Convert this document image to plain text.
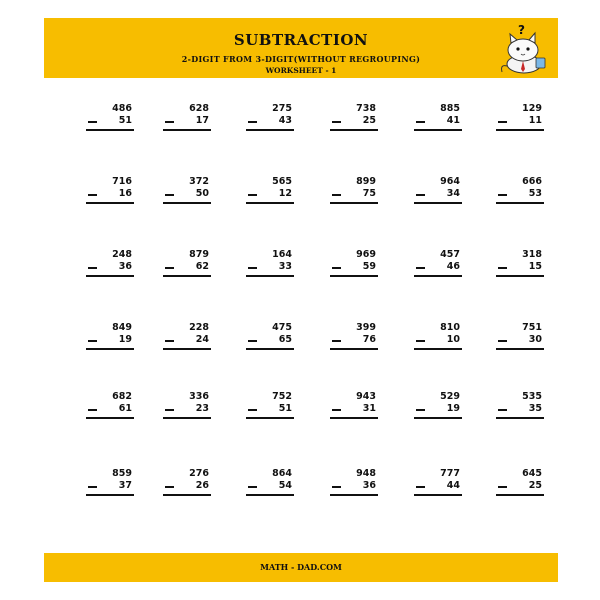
SUBTRACTION
2-DIGIT FROM 3-DIGIT(WITHOUT REGROUPING)
WORKSHEET - 1
?
486
51
628
17
275
43
738
25
885
41
129
11
716
16
372
50
565
12
899
75
964
34
666
53
248
36
879
62
164
33
969
59
457
46
318
15
849
19
228
24
475
65
399
76
810
10
751
30
682
61
336
23
752
51
943
31
529
19
535
35
859
37
276
26
864
54
948
36
777
44
645
25
MATH - DAD.COM
